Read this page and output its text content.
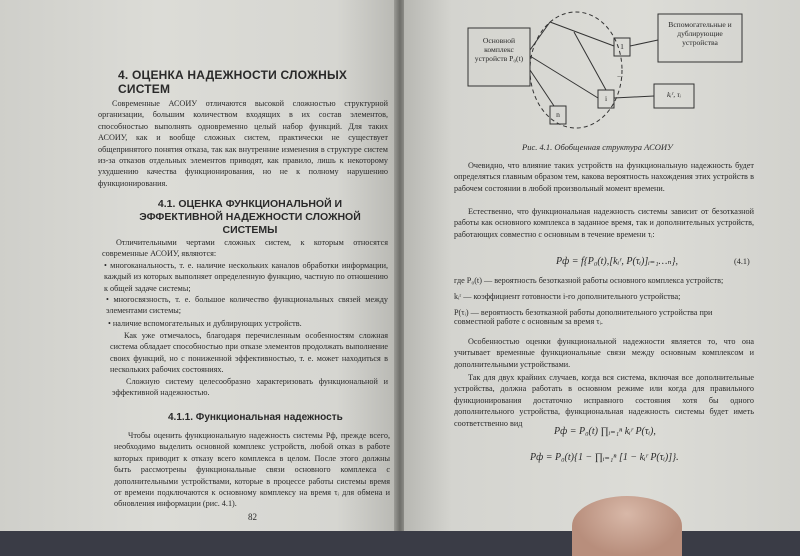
4. ОЦЕНКА НАДЕЖНОСТИ СЛОЖНЫХ СИСТЕМ
Современные АСОИУ отличаются высокой сложностью структурной организации, большим количеством входящих в их состав элементов, способностью выполнять одновременно целый набор функций. Для таких АСОИУ, как и вообще сложных систем, практически не существует общепринятого понятия отказа, так как внутренние изменения в структуре систем из-за отказов отдельных элементов приводят, как правило, лишь к некоторому ухудшению качества функционирования, но не к полному нарушению функционирования.
4.1. ОЦЕНКА ФУНКЦИОНАЛЬНОЙ И ЭФФЕКТИВНОЙ НАДЕЖНОСТИ СЛОЖНОЙ СИСТЕМЫ
Отличительными чертами сложных систем, к которым относятся современные АСОИУ, являются:
• многоканальность, т. е. наличие нескольких каналов обработки информации, каждый из которых выполняет определенную функцию, частную по отношению к общей задаче системы;
• многосвязность, т. е. большое количество функциональных связей между элементами системы;
• наличие вспомогательных и дублирующих устройств.
Как уже отмечалось, благодаря перечисленным особенностям сложная система обладает способностью при отказе элементов продолжать выполнение своих функций, но с пониженной эффективностью, т. е. может находиться в нескольких рабочих состояниях.
Сложную систему целесообразно характеризовать функциональной и эффективной надежностью.
4.1.1. Функциональная надежность
Чтобы оценить функциональную надежность системы Pф, прежде всего, необходимо выделить основной комплекс устройств, любой отказ в работе которых приводит к отказу всего комплекса в целом. После этого должны быть рассмотрены функциональные связи основного комплекса с дополнительными устройствами, которые в процессе работы системы время от времени подключаются к основному комплексу на время τᵢ для обмена и обновления информации (рис. 4.1).
82
Основной комплекс устройств P₀(t)
Вспомогательные и дублирующие устройства
1
i
n
...
kᵢʳ, τᵢ
Рис. 4.1. Обобщенная структура АСОИУ
Очевидно, что влияние таких устройств на функциональную надежность будет определяться главным образом тем, какова вероятность нахождения этих устройств в рабочем состоянии в любой произвольный момент времени.
Естественно, что функциональная надежность системы зависит от безотказной работы как основного комплекса в заданное время, так и дополнительных устройств, работающих совместно с основным в течение времени τᵢ:
Pф = f{P₀(t),[kᵢʳ, P(τᵢ)]ᵢ₌₁…ₙ},	(4.1)
где P₀(t) — вероятность безотказной работы основного комплекса устройств;
kᵢʳ — коэффициент готовности i-го дополнительного устройства;
P(τᵢ) — вероятность безотказной работы дополнительного устройства при совместной работе с основным за время τᵢ.
Особенностью оценки функциональной надежности является то, что она учитывает временные функциональные связи между основным комплексом и дополнительными устройствами.
Так для двух крайних случаев, когда вся система, включая все дополнительные устройства, должна работать в основном режиме или когда для правильного функционирования достаточно исправного состояния хотя бы одного дополнительного устройства, функциональная надежность системы будет иметь соответственно вид
Pф = P₀(t) ∏ᵢ₌₁ⁿ kᵢʳ P(τᵢ),
Pф = P₀(t){1 − ∏ᵢ₌₁ⁿ [1 − kᵢʳ P(τᵢ)]}.
